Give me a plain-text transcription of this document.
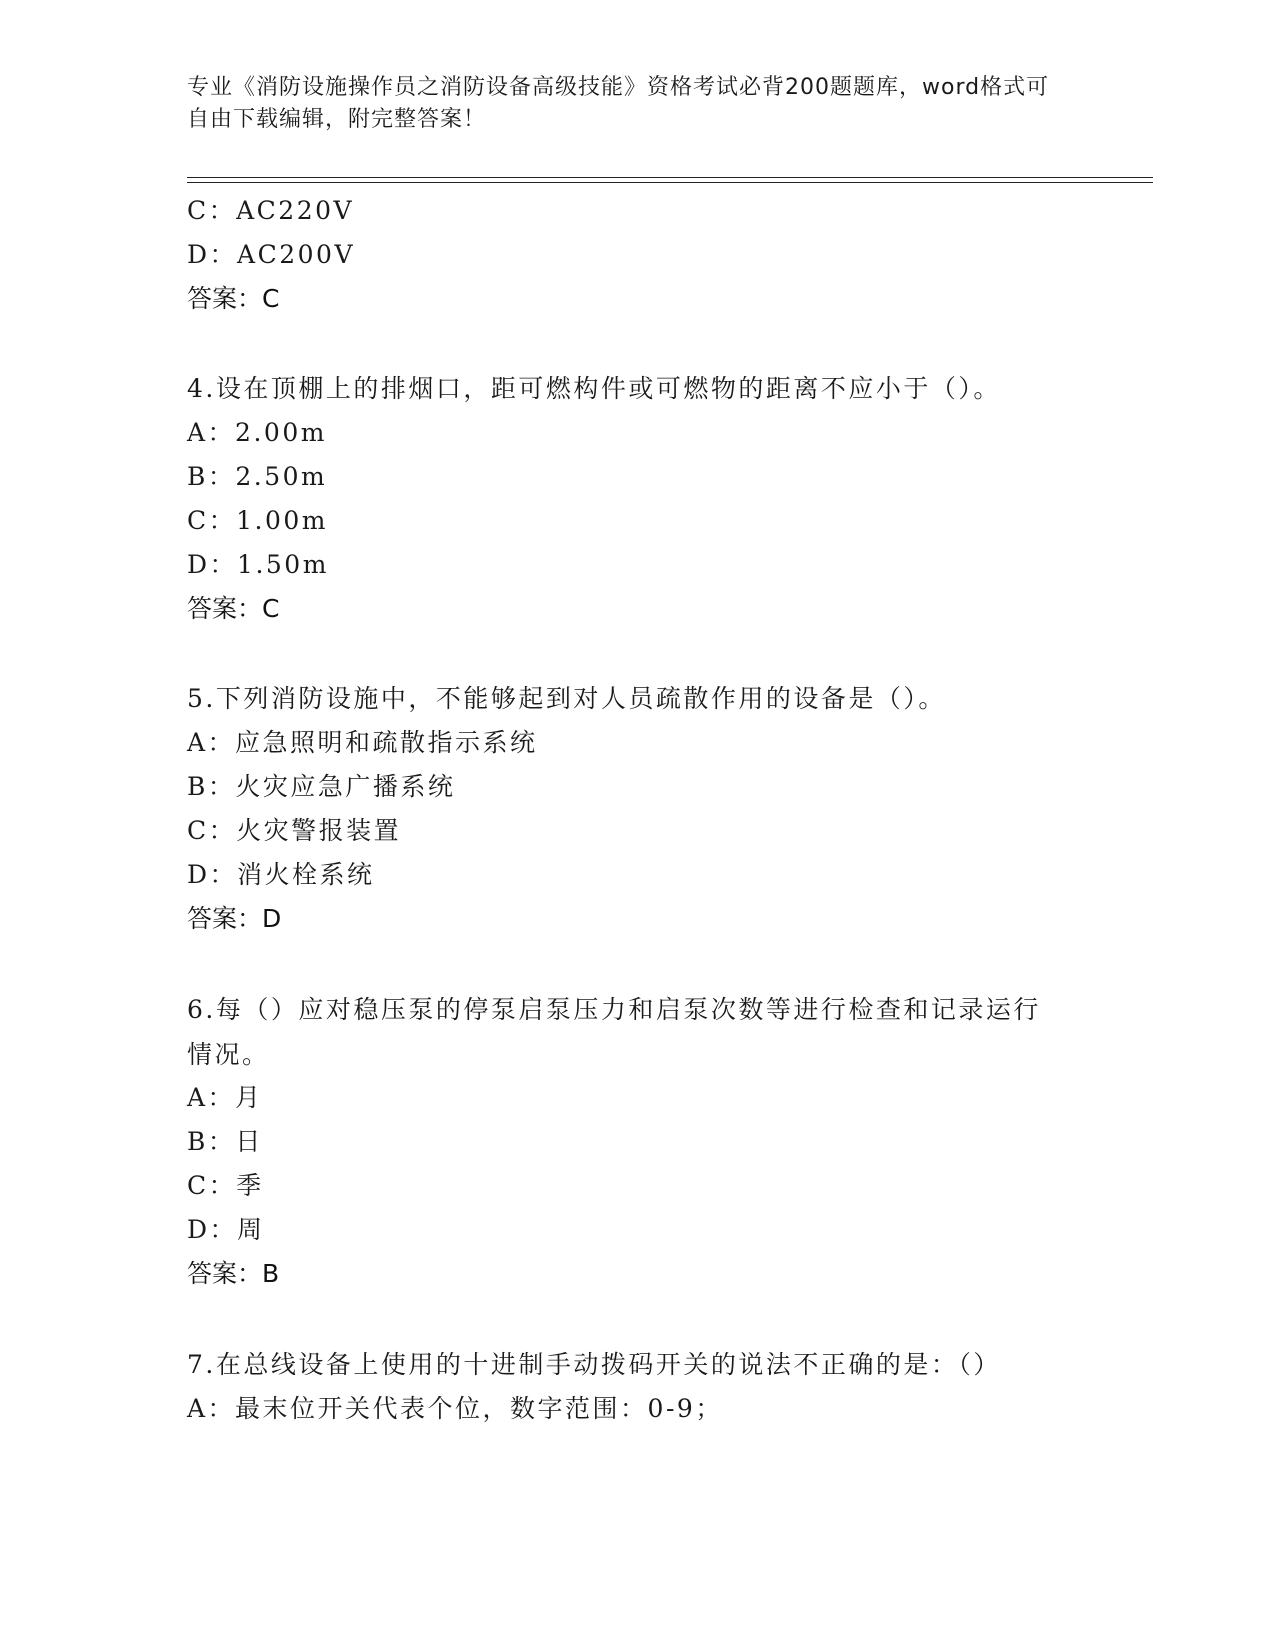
专业《消防设施操作员之消防设备高级技能》资格考试必背200题题库，word格式可自由下载编辑，附完整答案！
C：AC220V
D：AC200V
答案：C
4.设在顶棚上的排烟口，距可燃构件或可燃物的距离不应小于（）。
A：2.00m
B：2.50m
C：1.00m
D：1.50m
答案：C
5.下列消防设施中，不能够起到对人员疏散作用的设备是（）。
A：应急照明和疏散指示系统
B：火灾应急广播系统
C：火灾警报装置
D：消火栓系统
答案：D
6.每（）应对稳压泵的停泵启泵压力和启泵次数等进行检查和记录运行情况。
A：月
B：日
C：季
D：周
答案：B
7.在总线设备上使用的十进制手动拨码开关的说法不正确的是：（）
A：最末位开关代表个位，数字范围：0-9；
